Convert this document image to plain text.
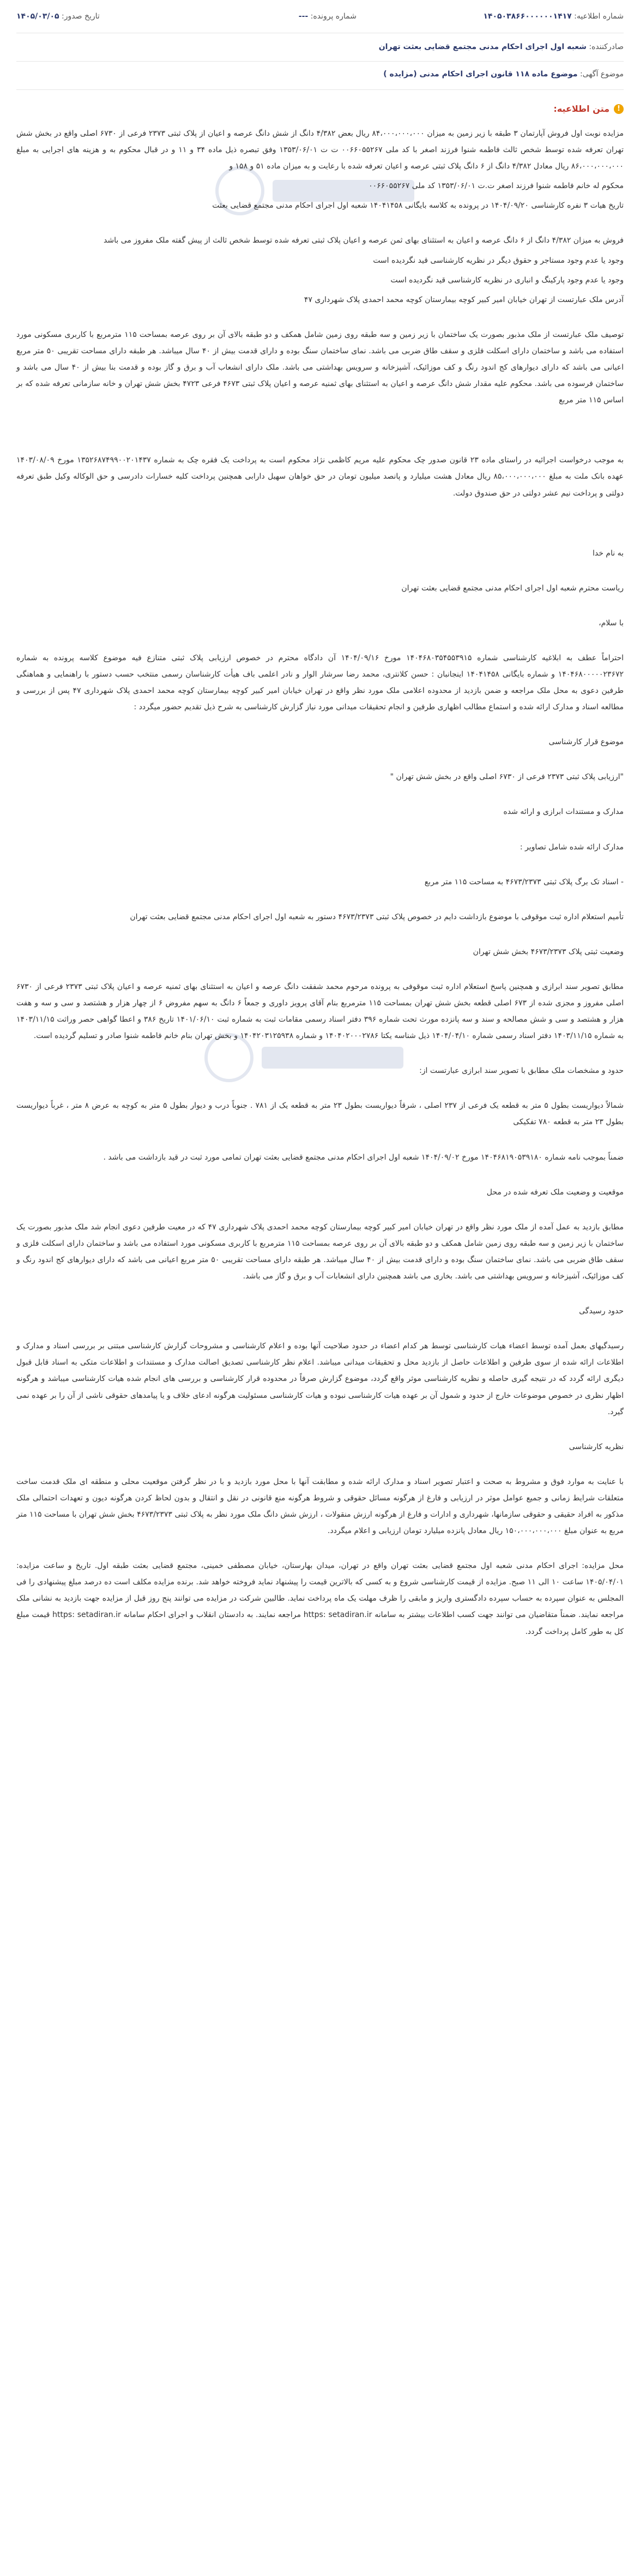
شماره اطلاعیه: ۱۴۰۵۰۳۸۶۶۰۰۰۰۰۰۱۴۱۷
شماره پرونده: ---
تاریخ صدور: ۱۴۰۵/۰۳/۰۵
صادرکننده: شعبه اول اجرای احکام مدنی مجتمع قضایی بعثت تهران
موضوع آگهی: موضوع ماده ۱۱۸ قانون اجرای احکام مدنی (مزایده )
!
متن اطلاعیه:

مزایده نوبت اول فروش آپارتمان ۳ طبقه با زیر زمین به میزان ۸۴،۰۰۰،۰۰۰،۰۰۰ ریال بعض ۴/۳۸۲ دانگ از شش دانگ عرصه و اعیان از پلاک ثبتی ۲۳۷۳ فرعی از ۶۷۳۰ اصلی واقع در بخش شش تهران تعرفه شده توسط شخص ثالث فاطمه شنوا فرزند اصغر با کد ملی ۰۰۶۶۰۵۵۲۶۷ ت ت ۱۳۵۳/۰۶/۰۱ وفق تبصره ذیل ماده ۳۴ و ۱۱ و در قبال محکوم به و هزینه های اجرایی به مبلغ ۸۶،۰۰۰،۰۰۰،۰۰۰ ریال معادل ۴/۳۸۲ دانگ از ۶ دانگ پلاک ثبتی عرصه و اعیان تعرفه شده با رعایت و به میزان ماده ۵۱ و ۱۵۸ و

محکوم له خانم فاطمه شنوا فرزند اصغر ت.ت ۱۳۵۳/۰۶/۰۱ کد ملی ۰۰۶۶۰۵۵۲۶۷

تاریخ هیات ۳ نفره کارشناسی ۱۴۰۴/۰۹/۲۰ در پرونده به کلاسه بایگانی ۱۴۰۴۱۴۵۸ شعبه اول اجرای احکام مدنی مجتمع قضایی بعثت

فروش به میزان ۴/۳۸۲ دانگ از ۶ دانگ عرصه و اعیان به استثنای بهای ثمن عرصه و اعیان پلاک ثبتی تعرفه شده توسط شخص ثالث از پیش گفته ملک مفروز می باشد

وجود یا عدم وجود مستاجر و حقوق دیگر در نظریه کارشناسی قید نگردیده است

وجود یا عدم وجود پارکینگ و انباری در نظریه کارشناسی قید نگردیده است

آدرس ملک عبارتست از تهران خیابان امیر کبیر کوچه بیمارستان کوچه محمد احمدی پلاک شهرداری ۴۷

توصیف ملک عبارتست از ملک مذبور بصورت یک ساختمان با زیر زمین و سه طبقه روی زمین شامل همکف و دو طبقه بالای آن بر روی عرصه بمساحت ۱۱۵ مترمربع با کاربری مسکونی مورد استفاده می باشد و ساختمان دارای اسکلت فلزی و سقف طاق ضربی می باشد. نمای ساختمان سنگ بوده و دارای قدمت بیش از ۴۰ سال میباشد. هر طبقه دارای مساحت تقریبی ۵۰ متر مربع اعیانی می باشد که دارای دیوارهای کج اندود رنگ و کف موزائیک، آشپزخانه و سرویس بهداشتی می باشد. ملک دارای انشعاب آب و برق و گاز بوده و قدمت بنا بیش از ۴۰ سال می باشد و ساختمان فرسوده می باشد. محکوم علیه مقدار شش دانگ عرصه و اعیان به استثنای بهای ثمنیه عرصه و اعیان پلاک ثبتی ۴۶۷۳ فرعی ۴۷۲۳ بخش شش تهران و خانه سازمانی تعرفه شده که بر اساس ۱۱۵ متر مربع

به موجب درخواست اجرائیه در راستای ماده ۲۳ قانون صدور چک محکوم علیه مریم کاظمی نژاد محکوم است به پرداخت یک فقره چک به شماره ۱۳۵۲۶۸۷۴۹۹۰۰۲۰۱۴۳۷ مورخ ۱۴۰۳/۰۸/۰۹ عهده بانک ملت به مبلغ ۸۵،۰۰۰،۰۰۰،۰۰۰ ریال معادل هشت میلیارد و پانصد میلیون تومان در حق خواهان سهیل دارابی همچنین پرداخت کلیه خسارات دادرسی و حق الوکاله وکیل طبق تعرفه دولتی و پرداخت نیم عشر دولتی در حق صندوق دولت.

به نام خدا

ریاست محترم شعبه اول اجرای احکام مدنی مجتمع قضایی بعثت تهران

با سلام،

احتراماً عطف به ابلاغیه کارشناسی شماره ۱۴۰۴۶۸۰۳۵۴۵۵۳۹۱۵ مورخ ۱۴۰۴/۰۹/۱۶ آن دادگاه محترم در خصوص ارزیابی پلاک ثبتی متنازع فیه موضوع کلاسه پرونده به شماره ۱۴۰۴۶۸۰۰۰۰۰۲۳۶۷۲ و شماره بایگانی ۱۴۰۴۱۴۵۸ اینجانبان : حسن کلانتری، محمد رضا سرشار الوار و نادر اعلمی باف هیأت کارشناسان رسمی منتخب حسب دستور با راهنمایی و هماهنگی طرفین دعوی به محل ملک مراجعه و ضمن بازدید از محدوده اعلامی ملک مورد نظر واقع در تهران خیابان امیر کبیر کوچه بیمارستان کوچه محمد احمدی پلاک شهرداری ۴۷ پس از بررسی و مطالعه اسناد و مدارک ارائه شده و استماع مطالب اظهاری طرفین و انجام تحقیقات میدانی مورد نیاز گزارش کارشناسی به شرح ذیل تقدیم حضور میگردد :

موضوع قرار کارشناسی

"ارزیابی پلاک ثبتی ۲۳۷۳ فرعی از ۶۷۳۰ اصلی واقع در بخش شش تهران "

مدارک و مستندات ابرازی و ارائه شده

مدارک ارائه شده شامل تصاویر :

- اسناد تک برگ پلاک ثبتی ۴۶۷۳/۲۳۷۳ به مساحت ۱۱۵ متر مربع

تأمیم استعلام اداره ثبت موقوفی با موضوع بازداشت دایم در خصوص پلاک ثبتی ۴۶۷۳/۲۳۷۳ دستور به شعبه اول اجرای احکام مدنی مجتمع قضایی بعثت تهران

وضعیت ثبتی پلاک ۴۶۷۳/۲۳۷۳ بخش شش تهران

مطابق تصویر سند ابرازی و همچنین پاسخ استعلام اداره ثبت موقوفی به پرونده مرحوم محمد شفقت دانگ عرصه و اعیان به استثنای بهای ثمنیه عرصه و اعیان پلاک ثبتی ۲۳۷۳ فرعی از ۶۷۳۰ اصلی مفروز و مجزی شده از ۶۷۳ اصلی قطعه بخش شش تهران بمساحت ۱۱۵ مترمربع بنام آقای پرویز داوری و جمعاً ۶ دانگ به سهم مفروض ۶ از چهار هزار و هشتصد و سی و سه و هفت هزار و هشتصد و سی و شش مصالحه و سند و سه پانزده مورث تحت شماره ۳۹۶ دفتر اسناد رسمی مقامات ثبت به شماره ثبت ۱۴۰۱/۰۶/۱۰ تاریخ ۳۸۶ و اعطا گواهی حصر وراثت ۱۴۰۳/۱۱/۱۵ به شماره ۱۴۰۳/۱۱/۱۵ دفتر اسناد رسمی شماره ۱۴۰۴/۰۴/۱۰ ذیل شناسه یکتا ۱۴۰۴۰۲۰۰۰۲۷۸۶ و شماره ۱۴۰۴۲۰۳۱۲۵۹۳۸ و بخش تهران بنام خانم فاطمه شنوا صادر و تسلیم گردیده است.

حدود و مشخصات ملک مطابق با تصویر سند ابرازی عبارتست از:

شمالاً دیواریست بطول ۵ متر به قطعه یک فرعی از ۲۳۷ اصلی ، شرقاً دیواریست بطول ۲۳ متر به قطعه یک از ۷۸۱ . جنوباً درب و دیوار بطول ۵ متر به کوچه به عرض ۸ متر ، غرباً دیواریست بطول ۲۳ متر به قطعه ۷۸۰ تفکیکی

ضمناً بموجب نامه شماره ۱۴۰۴۶۸۱۹۰۵۳۹۱۸۰ مورخ ۱۴۰۴/۰۹/۰۲ شعبه اول اجرای احکام مدنی مجتمع قضایی بعثت تهران تمامی مورد ثبت در قید بازداشت می باشد .

موقعیت و وضعیت ملک تعرفه شده در محل

مطابق بازدید به عمل آمده از ملک مورد نظر واقع در تهران خیابان امیر کبیر کوچه بیمارستان کوچه محمد احمدی پلاک شهرداری ۴۷ که در معیت طرفین دعوی انجام شد ملک مذبور بصورت یک ساختمان با زیر زمین و سه طبقه روی زمین شامل همکف و دو طبقه بالای آن بر روی عرصه بمساحت ۱۱۵ مترمربع با کاربری مسکونی مورد استفاده می باشد و ساختمان دارای اسکلت فلزی و سقف طاق ضربی می باشد. نمای ساختمان سنگ بوده و دارای قدمت بیش از ۴۰ سال میباشد. هر طبقه دارای مساحت تقریبی ۵۰ متر مربع اعیانی می باشد که دارای دیوارهای کج اندود رنگ و کف موزائیک، آشپزخانه و سرویس بهداشتی می باشد. بخاری می باشد همچنین دارای انشعابات آب و برق و گاز می باشد.

حدود رسیدگی

رسیدگیهای بعمل آمده توسط اعضاء هیات کارشناسی توسط هر کدام اعضاء در حدود صلاحیت آنها بوده و اعلام کارشناسی و مشروحات گزارش کارشناسی مبتنی بر بررسی اسناد و مدارک و اطلاعات ارائه شده از سوی طرفین و اطلاعات حاصل از بازدید محل و تحقیقات میدانی میباشد. اعلام نظر کارشناسی تصدیق اصالت مدارک و مستندات و اطلاعات متکی به اسناد قابل قبول دیگری ارائه گردد که در نتیجه گیری حاصله و نظریه کارشناسی موثر واقع گردد، موضوع گزارش صرفاً در محدوده قرار کارشناسی و بررسی های انجام شده هیات کارشناسی میباشد و هرگونه اظهار نظری در خصوص موضوعات خارج از حدود و شمول آن بر عهده هیات کارشناسی نبوده و هیات کارشناسی مسئولیت هرگونه ادعای خلاف و یا پیامدهای حقوقی ناشی از آن را بر عهده نمی گیرد.

نظریه کارشناسی

با عنایت به موارد فوق و مشروط به صحت و اعتبار تصویر اسناد و مدارک ارائه شده و مطابقت آنها با محل مورد بازدید و با در نظر گرفتن موقعیت محلی و منطقه ای ملک قدمت ساخت متعلقات شرایط زمانی و جمیع عوامل موثر در ارزیابی و فارغ از هرگونه مسائل حقوقی و شروط هرگونه منع قانونی در نقل و انتقال و بدون لحاظ کردن هرگونه دیون و تعهدات احتمالی ملک مذکور به افراد حقیقی و حقوقی سازمانها، شهرداری و ادارات و فارغ از هرگونه ارزش منقولات ، ارزش شش دانگ ملک مورد نظر به پلاک ثبتی ۴۶۷۳/۲۳۷۳ بخش شش تهران با مساحت ۱۱۵ متر مربع به عنوان مبلغ ۱۵۰،۰۰۰،۰۰۰،۰۰۰ ریال معادل پانزده میلیارد تومان ارزیابی و اعلام میگردد.

محل مزایده: اجرای احکام مدنی شعبه اول مجتمع قضایی بعثت تهران واقع در تهران، میدان بهارستان، خیابان مصطفی خمینی، مجتمع قضایی بعثت طبقه اول. تاریخ و ساعت مزایده: ۱۴۰۵/۰۴/۰۱ ساعت ۱۰ الی ۱۱ صبح. مزایده از قیمت کارشناسی شروع و به کسی که بالاترین قیمت را پیشنهاد نماید فروخته خواهد شد. برنده مزایده مکلف است ده درصد مبلغ پیشنهادی را فی المجلس به عنوان سپرده به حساب سپرده دادگستری واریز و مابقی را ظرف مهلت یک ماه پرداخت نماید. طالبین شرکت در مزایده می توانند پنج روز قبل از مزایده جهت بازدید به نشانی ملک مراجعه نمایند. ضمناً متقاضیان می توانند جهت کسب اطلاعات بیشتر به سامانه https: setadiran.ir مراجعه نمایند. به دادستان انقلاب و اجرای احکام سامانه https: setadiran.ir قیمت مبلغ کل به طور کامل پرداخت گردد.
